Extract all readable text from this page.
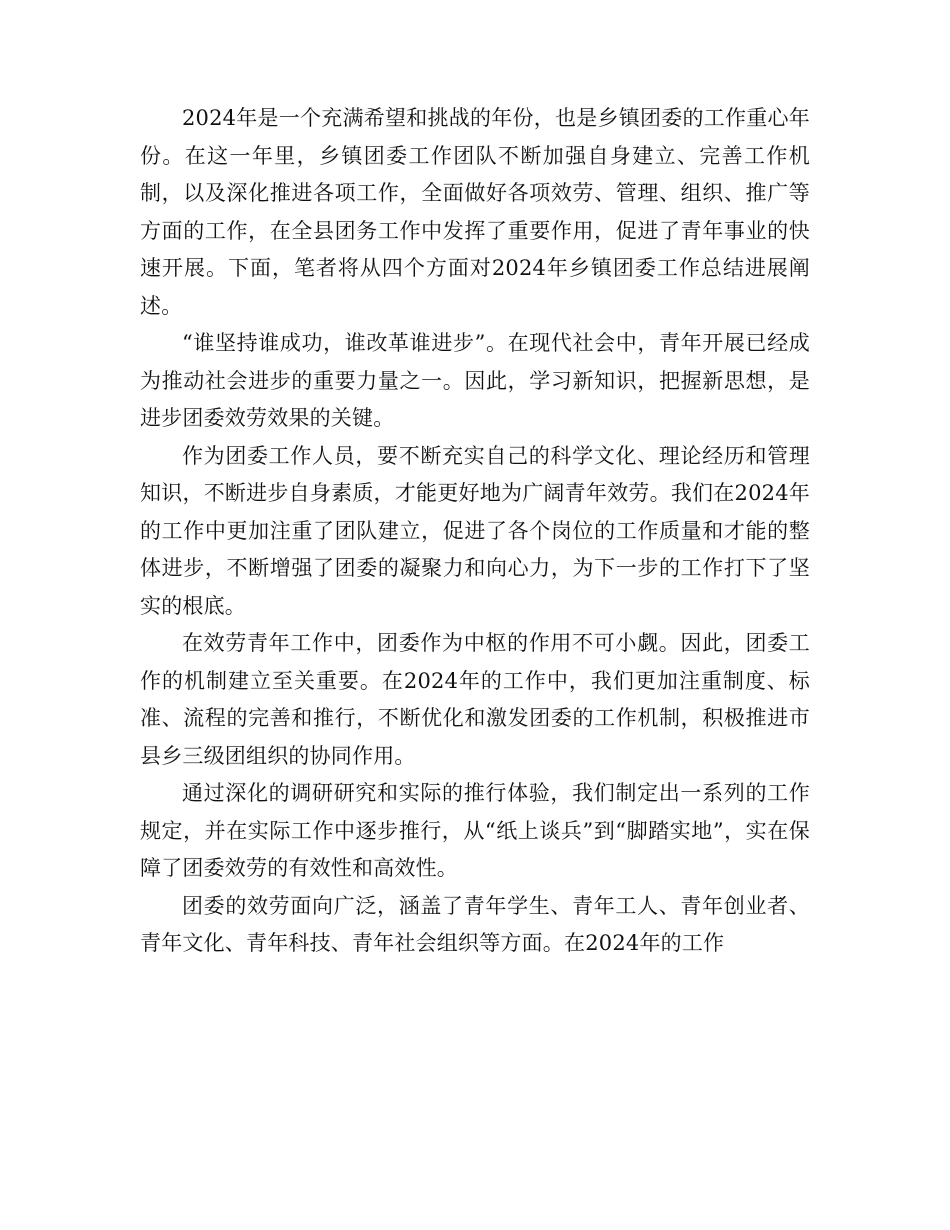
2024年是一个充满希望和挑战的年份，也是乡镇团委的工作重心年份。在这一年里，乡镇团委工作团队不断加强自身建立、完善工作机制，以及深化推进各项工作，全面做好各项效劳、管理、组织、推广等方面的工作，在全县团务工作中发挥了重要作用，促进了青年事业的快速开展。下面，笔者将从四个方面对2024年乡镇团委工作总结进展阐述。

“谁坚持谁成功，谁改革谁进步”。在现代社会中，青年开展已经成为推动社会进步的重要力量之一。因此，学习新知识，把握新思想，是进步团委效劳效果的关键。

作为团委工作人员，要不断充实自己的科学文化、理论经历和管理知识，不断进步自身素质，才能更好地为广阔青年效劳。我们在2024年的工作中更加注重了团队建立，促进了各个岗位的工作质量和才能的整体进步，不断增强了团委的凝聚力和向心力，为下一步的工作打下了坚实的根底。

在效劳青年工作中，团委作为中枢的作用不可小觑。因此，团委工作的机制建立至关重要。在2024年的工作中，我们更加注重制度、标准、流程的完善和推行，不断优化和激发团委的工作机制，积极推进市县乡三级团组织的协同作用。

通过深化的调研研究和实际的推行体验，我们制定出一系列的工作规定，并在实际工作中逐步推行，从“纸上谈兵”到“脚踏实地”，实在保障了团委效劳的有效性和高效性。

团委的效劳面向广泛，涵盖了青年学生、青年工人、青年创业者、青年文化、青年科技、青年社会组织等方面。在2024年的工作
